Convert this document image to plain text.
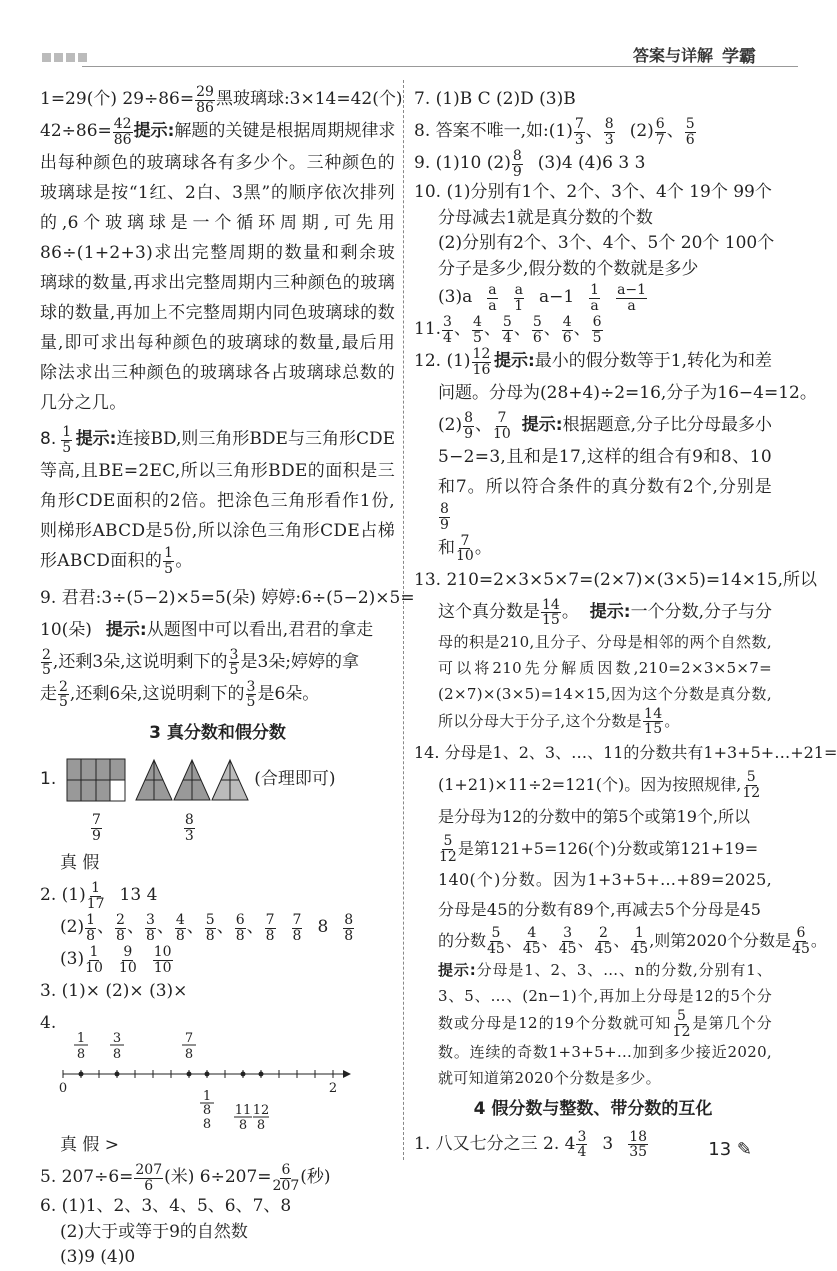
答案与详解 学霸
1=29(个) $29\div 86= \frac{29}{86}$ 黑玻璃球:3×14=42(个)
$42\div 86= \frac{42}{86}$ 提示: 解题的关键是根据周期规律求
出每种颜色的玻璃球各有多少个。三种颜色的玻璃球是按“1红、2白、3黑”的顺序依次排列的,6个玻璃球是一个循环周期,可先用86÷(1+2+3)求出完整周期的数量和剩余玻璃球的数量,再求出完整周期内三种颜色的玻璃球的数量,再加上不完整周期内同色玻璃球的数量,即可求出每种颜色的玻璃球的数量,最后用除法求出三种颜色的玻璃球各占玻璃球总数的几分之几。
8. 1
5 提示: 连接BD,则三角形BDE与三角形CDE
等高,且BE=2EC,所以三角形BDE的面积是三角形CDE面积的2倍。把涂色三角形看作1份,则梯形ABCD是5份,所以涂色三角形CDE占梯形ABCD面积的 $\frac{1}{5}$ 。
9. 君君:3÷(5−2)×5=5(朵) 婷婷:6÷(5−2)×5=
10(朵) 提示: 从题图中可以看出,君君的拿走
2
5 ,还剩3朵,这说明剩下的 3
5 是3朵;婷婷的拿
走 2
5 ,还剩6朵,这说明剩下的 3
5 是6朵。
3 真分数和假分数
1.	(合理即可)
7
9
8
3
真 假
2. (1) 1
17 13 4
(2) 1
8 、 2
8 、 3
8 、 4
8 、 5
8 、 6
8 、 7
8
7
8 8 8
8
(3) 1
10
9
10
10
10
3. (1)× (2)× (3)×
4.
1
8
3
8
7
8
0	2
1
8
8
11
8
12
8
真 假 >
5. $207\div 6= \frac{207}{6}$ (米) $6\div 207= \frac{6}{207}$ (秒)
6. (1)1、2、3、4、5、6、7、8
(2)大于或等于9的自然数
(3)9 (4)0
7. (1)B C (2)D (3)B
8. 答案不唯一,如:(1) 7
3 、 8
3 (2) 6
7 、 5
6
9. (1)10 (2) 8
9 (3)4 (4)6 3 3
10. (1)分别有1个、2个、3个、4个 19个 99个
分母减去1就是真分数的个数
(2)分别有2个、3个、4个、5个 20个 100个
分子是多少,假分数的个数就是多少
(3)a a
a
a
1 a−1 1
a
a−1
a
11. 3
4 、 4
5 、 5
4 、 5
6 、 4
6 、 6
5
12. (1) 12
16 提示: 最小的假分数等于1,转化为和差
问题。分母为(28+4)÷2=16,分子为16−4=12。
(2) 8
9 、 7
10 提示: 根据题意,分子比分母最多小
5−2=3,且和是17,这样的组合有9和8、10和7。所以符合条件的真分数有2个,分别是
$\frac{8}{9}$
和 7
10 。
13. 210=2×3×5×7=(2×7)×(3×5)=14×15,所以
这个真分数是 14
15 。 提示: 一个分数,分子与分
母的积是210,且分子、分母是相邻的两个自然数,可以将210先分解质因数,210=2×3×5×7=(2×7)×(3×5)=14×15,因为这个分数是真分数,所以分母大于分子,这个分数是 $\frac{14}{15}$ 。
14. 分母是1、2、3、…、11的分数共有1+3+5+…+21=
(1+21)×11÷2=121(个)。因为按照规律, 5
12
是分母为12的分数中的第5个或第19个,所以
5
12 是第121+5=126(个)分数或第121+19=
140(个)分数。因为1+3+5+…+89=2025,分母是45的分数有89个,再减去5个分母是45
的分数 5
45 、 4
45 、 3
45 、 2
45 、 1
45 ,则第2020个分数是 6
45 。
提示:分母是1、2、3、…、n的分数,分别有1、3、5、…、(2n−1)个,再加上分母是12的5个分数或分母是12的19个分数就可知 $\frac{5}{12}$ 是第几个分数。连续的奇数1+3+5+…加到多少接近2020,就可知道第2020个分数是多少。
4 假分数与整数、带分数的互化
1. 八又七分之三 2. 4 3
4 3 18
35	13 ✎
